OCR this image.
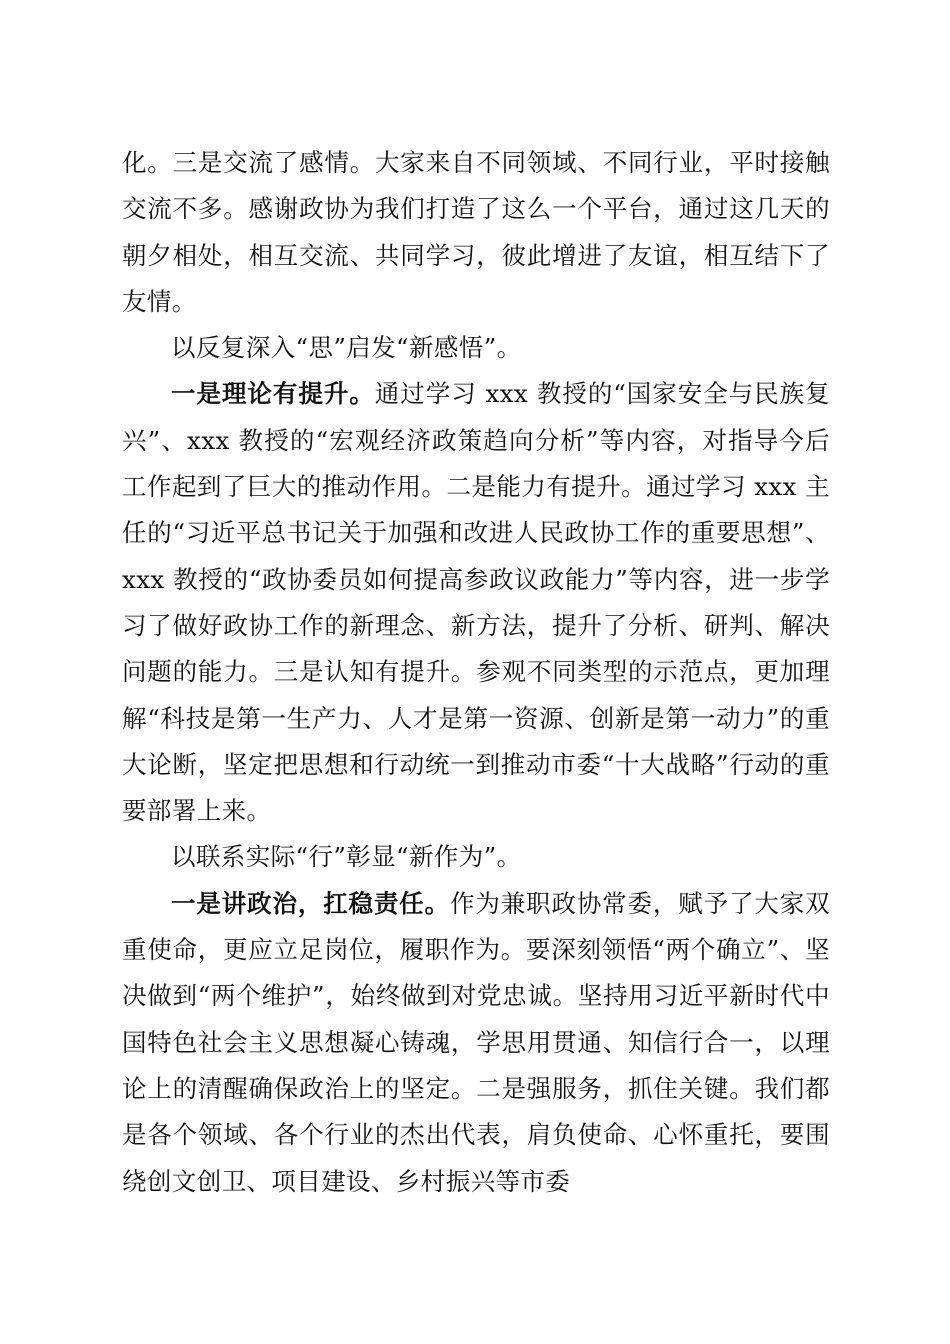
化。三是交流了感情。大家来自不同领域、不同行业，平时接触交流不多。感谢政协为我们打造了这么一个平台，通过这几天的朝夕相处，相互交流、共同学习，彼此增进了友谊，相互结下了友情。

以反复深入“思”启发“新感悟”。

一是理论有提升。通过学习 xxx 教授的“国家安全与民族复兴”、xxx 教授的“宏观经济政策趋向分析”等内容，对指导今后工作起到了巨大的推动作用。二是能力有提升。通过学习 xxx 主任的“习近平总书记关于加强和改进人民政协工作的重要思想”、xxx 教授的“政协委员如何提高参政议政能力”等内容，进一步学习了做好政协工作的新理念、新方法，提升了分析、研判、解决问题的能力。三是认知有提升。参观不同类型的示范点，更加理解“科技是第一生产力、人才是第一资源、创新是第一动力”的重大论断，坚定把思想和行动统一到推动市委“十大战略”行动的重要部署上来。

以联系实际“行”彰显“新作为”。

一是讲政治，扛稳责任。作为兼职政协常委，赋予了大家双重使命，更应立足岗位，履职作为。要深刻领悟“两个确立”、坚决做到“两个维护”，始终做到对党忠诚。坚持用习近平新时代中国特色社会主义思想凝心铸魂，学思用贯通、知信行合一，以理论上的清醒确保政治上的坚定。二是强服务，抓住关键。我们都是各个领域、各个行业的杰出代表，肩负使命、心怀重托，要围绕创文创卫、项目建设、乡村振兴等市委
